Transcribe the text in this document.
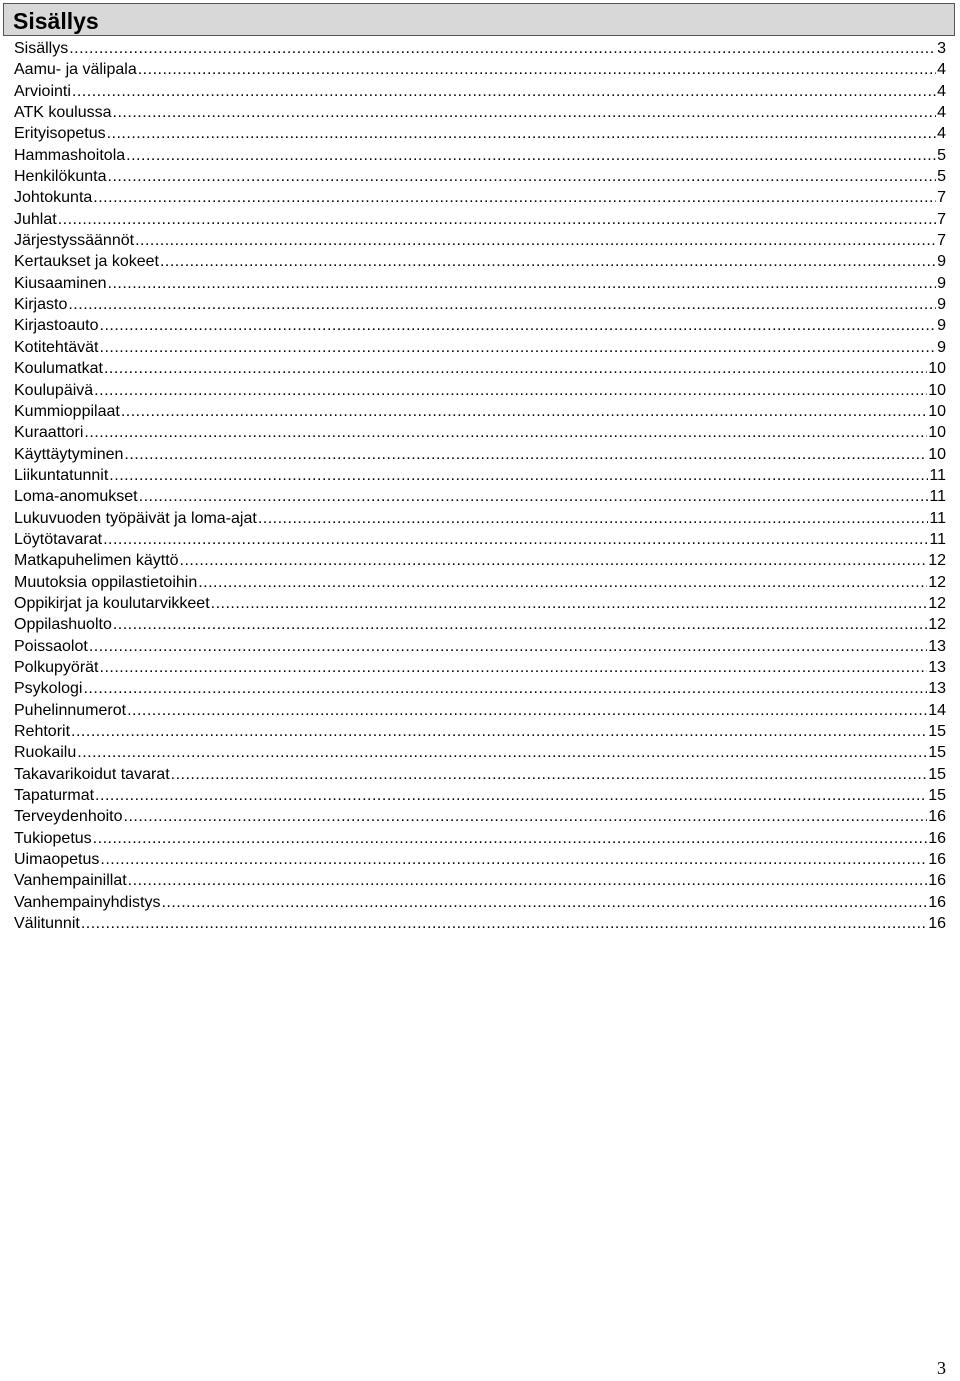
Sisällys
Sisällys .....	3
Aamu- ja välipala .....	4
Arviointi .....	4
ATK koulussa .....	4
Erityisopetus .....	4
Hammashoitola .....	5
Henkilökunta .....	5
Johtokunta .....	7
Juhlat .....	7
Järjestyssäännöt .....	7
Kertaukset ja kokeet .....	9
Kiusaaminen .....	9
Kirjasto .....	9
Kirjastoauto .....	9
Kotitehtävät .....	9
Koulumatkat .....	10
Koulupäivä .....	10
Kummioppilaat .....	10
Kuraattori .....	10
Käyttäytyminen .....	10
Liikuntatunnit .....	11
Loma-anomukset .....	11
Lukuvuoden työpäivät ja loma-ajat .....	11
Löytötavarat .....	11
Matkapuhelimen käyttö .....	12
Muutoksia oppilastietoihin .....	12
Oppikirjat ja koulutarvikkeet .....	12
Oppilashuolto .....	12
Poissaolot .....	13
Polkupyörät .....	13
Psykologi .....	13
Puhelinnumerot .....	14
Rehtorit .....	15
Ruokailu .....	15
Takavarikoidut tavarat .....	15
Tapaturmat .....	15
Terveydenhoito .....	16
Tukiopetus .....	16
Uimaopetus .....	16
Vanhempainillat .....	16
Vanhempainyhdistys .....	16
Välitunnit .....	16
3
